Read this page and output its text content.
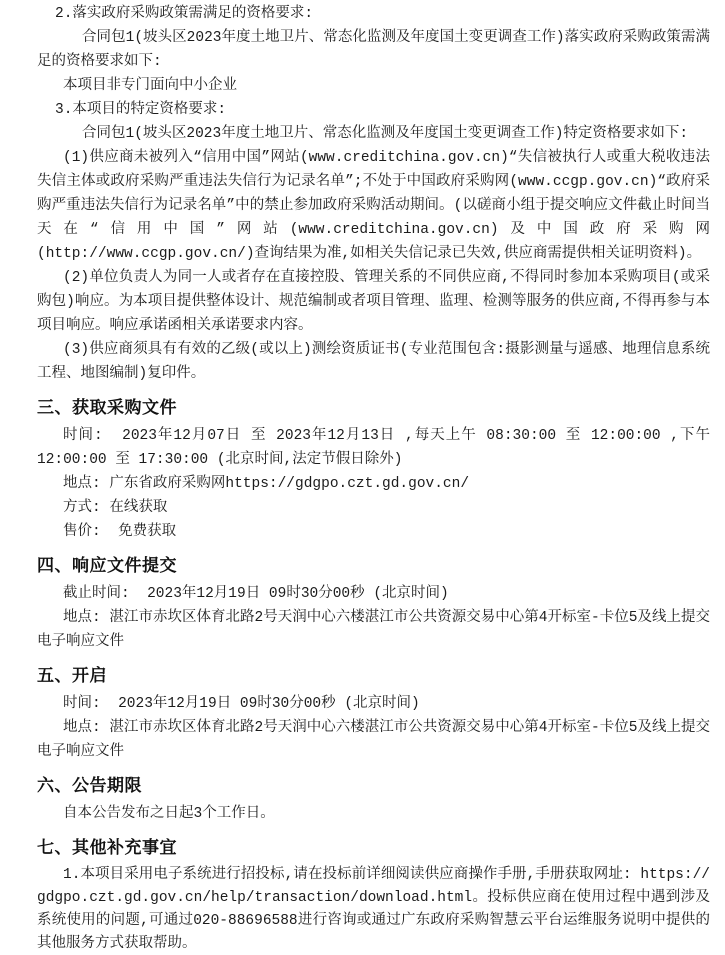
2.落实政府采购政策需满足的资格要求:
合同包1(坡头区2023年度土地卫片、常态化监测及年度国土变更调查工作)落实政府采购政策需满足的资格要求如下:
本项目非专门面向中小企业
3.本项目的特定资格要求:
合同包1(坡头区2023年度土地卫片、常态化监测及年度国土变更调查工作)特定资格要求如下:
(1)供应商未被列入“信用中国”网站(www.creditchina.gov.cn)“失信被执行人或重大税收违法失信主体或政府采购严重违法失信行为记录名单”;不处于中国政府采购网(www.ccgp.gov.cn)“政府采购严重违法失信行为记录名单”中的禁止参加政府采购活动期间。(以磋商小组于提交响应文件截止时间当天在“信用中国”网站(www.creditchina.gov.cn)及中国政府采购网(http://www.ccgp.gov.cn/)查询结果为准,如相关失信记录已失效,供应商需提供相关证明资料)。
(2)单位负责人为同一人或者存在直接控股、管理关系的不同供应商,不得同时参加本采购项目(或采购包)响应。为本项目提供整体设计、规范编制或者项目管理、监理、检测等服务的供应商,不得再参与本项目响应。响应承诺函相关承诺要求内容。
(3)供应商须具有有效的乙级(或以上)测绘资质证书(专业范围包含:摄影测量与遥感、地理信息系统工程、地图编制)复印件。
三、获取采购文件
时间:  2023年12月07日 至 2023年12月13日 ,每天上午 08:30:00 至 12:00:00 ,下午 12:00:00 至 17:30:00 (北京时间,法定节假日除外)
地点: 广东省政府采购网https://gdgpo.czt.gd.gov.cn/
方式: 在线获取
售价:  免费获取
四、响应文件提交
截止时间:  2023年12月19日 09时30分00秒 (北京时间)
地点: 湛江市赤坎区体育北路2号天润中心六楼湛江市公共资源交易中心第4开标室-卡位5及线上提交电子响应文件
五、开启
时间:  2023年12月19日 09时30分00秒 (北京时间)
地点: 湛江市赤坎区体育北路2号天润中心六楼湛江市公共资源交易中心第4开标室-卡位5及线上提交电子响应文件
六、公告期限
自本公告发布之日起3个工作日。
七、其他补充事宜
1.本项目采用电子系统进行招投标,请在投标前详细阅读供应商操作手册,手册获取网址: https://gdgpo.czt.gd.gov.cn/help/transaction/download.html。投标供应商在使用过程中遇到涉及系统使用的问题,可通过020-88696588进行咨询或通过广东政府采购智慧云平台运维服务说明中提供的其他服务方式获取帮助。
